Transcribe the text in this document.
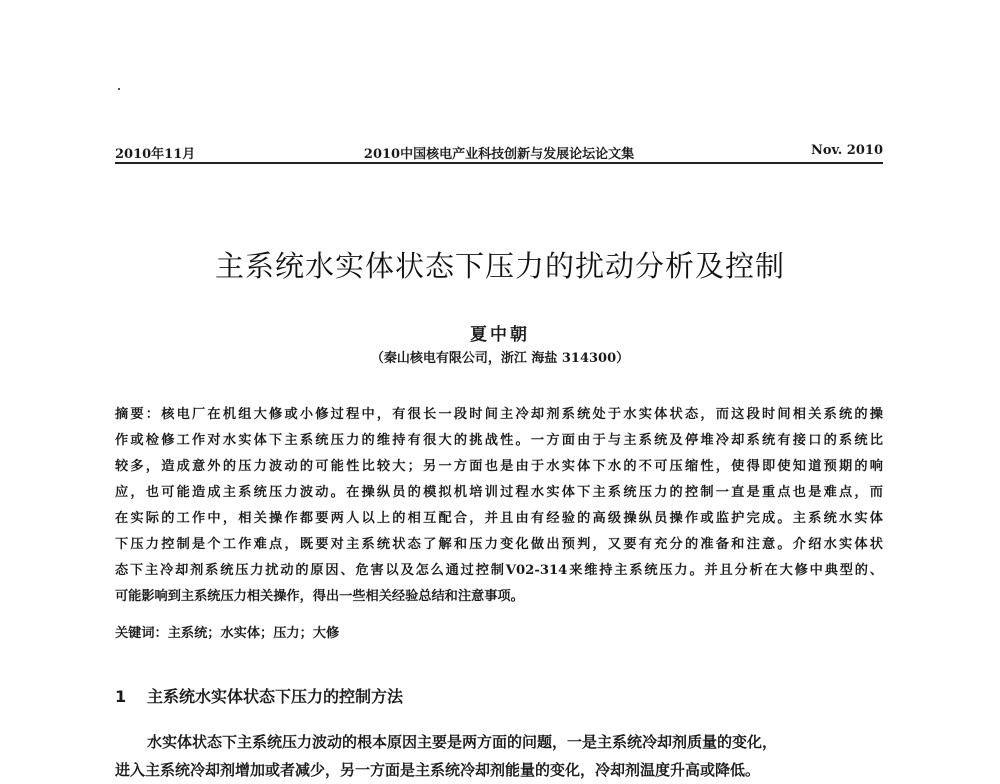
2010中国核电产业科技创新与发展论坛论文集
2010年11月	Nov. 2010
主系统水实体状态下压力的扰动分析及控制
夏中朝
（秦山核电有限公司，浙江 海盐 314300）
摘要：核电厂在机组大修或小修过程中，有很长一段时间主冷却剂系统处于水实体状态，而这段时间相关系统的操
作或检修工作对水实体下主系统压力的维持有很大的挑战性。一方面由于与主系统及停堆冷却系统有接口的系统比
较多，造成意外的压力波动的可能性比较大；另一方面也是由于水实体下水的不可压缩性，使得即使知道预期的响
应，也可能造成主系统压力波动。在操纵员的模拟机培训过程水实体下主系统压力的控制一直是重点也是难点，而
在实际的工作中，相关操作都要两人以上的相互配合，并且由有经验的高级操纵员操作或监护完成。主系统水实体
下压力控制是个工作难点，既要对主系统状态了解和压力变化做出预判，又要有充分的准备和注意。介绍水实体状
态下主冷却剂系统压力扰动的原因、危害以及怎么通过控制V02-314来维持主系统压力。并且分析在大修中典型的、
可能影响到主系统压力相关操作，得出一些相关经验总结和注意事项。
关键词：主系统；水实体；压力；大修
1 主系统水实体状态下压力的控制方法
水实体状态下主系统压力波动的根本原因主要是两方面的问题，一是主系统冷却剂质量的变化，
进入主系统冷却剂增加或者减少，另一方面是主系统冷却剂能量的变化，冷却剂温度升高或降低。
